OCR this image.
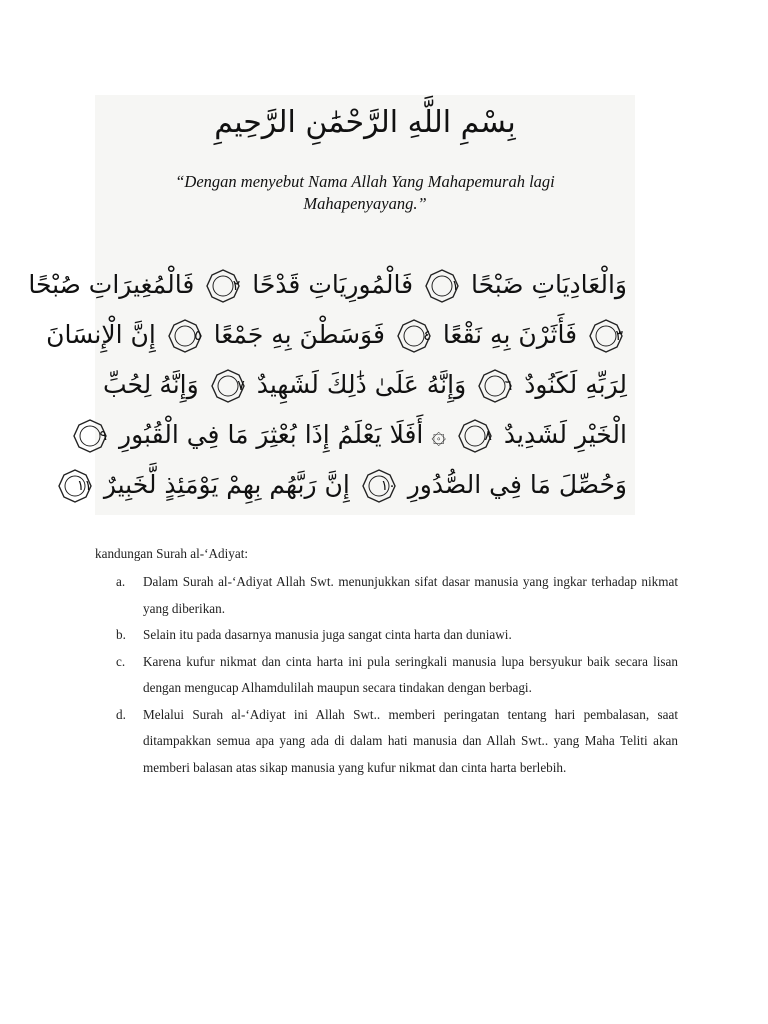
بِسْمِ اللَّهِ الرَّحْمَٰنِ الرَّحِيمِ
“Dengan menyebut Nama Allah Yang Mahapemurah lagi Mahapenyayang.”
وَالْعَادِيَاتِ ضَبْحًا
١
فَالْمُورِيَاتِ قَدْحًا
٢
فَالْمُغِيرَاتِ صُبْحًا
٣
فَأَثَرْنَ بِهِ نَقْعًا
٤
فَوَسَطْنَ بِهِ جَمْعًا
٥
إِنَّ الْإِنسَانَ
لِرَبِّهِ لَكَنُودٌ
٦
وَإِنَّهُ عَلَىٰ ذَٰلِكَ لَشَهِيدٌ
٧
وَإِنَّهُ لِحُبِّ
الْخَيْرِ لَشَدِيدٌ
٨
۞ أَفَلَا يَعْلَمُ إِذَا بُعْثِرَ مَا فِي الْقُبُورِ
٩
وَحُصِّلَ مَا فِي الصُّدُورِ
١٠
إِنَّ رَبَّهُم بِهِمْ يَوْمَئِذٍ لَّخَبِيرٌ
١١
kandungan Surah al-‘Adiyat:
a. Dalam Surah al-‘Adiyat Allah Swt. menunjukkan sifat dasar manusia yang ingkar terhadap nikmat yang diberikan.
b. Selain itu pada dasarnya manusia juga sangat cinta harta dan duniawi.
c. Karena kufur nikmat dan cinta harta ini pula seringkali manusia lupa bersyukur baik secara lisan dengan mengucap Alhamdulilah maupun secara tindakan dengan berbagi.
d. Melalui Surah al-‘Adiyat ini Allah Swt.. memberi peringatan tentang hari pembalasan, saat ditampakkan semua apa yang ada di dalam hati manusia dan Allah Swt.. yang Maha Teliti akan memberi balasan atas sikap manusia yang kufur nikmat dan cinta harta berlebih.
